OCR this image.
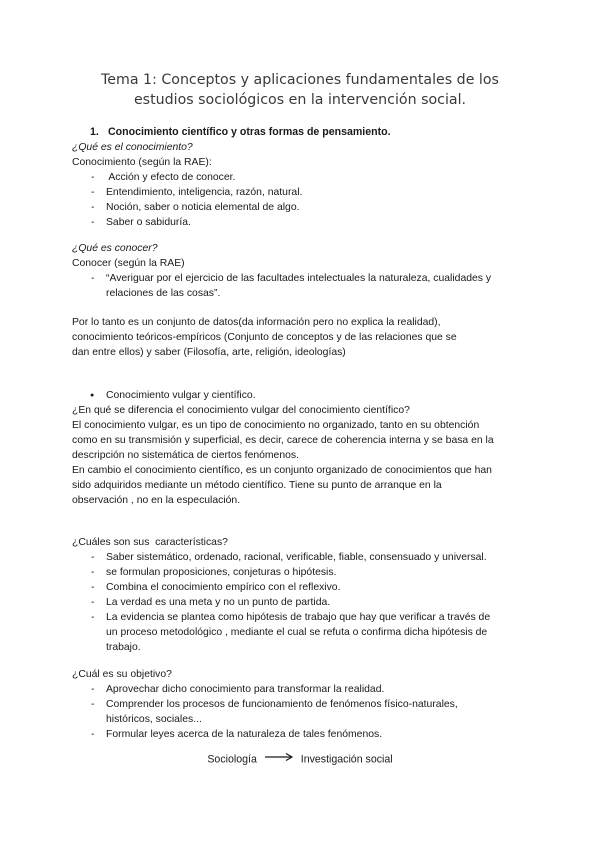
Tema 1: Conceptos y aplicaciones fundamentales de los
estudios sociológicos en la intervención social.
1. Conocimiento científico y otras formas de pensamiento.
¿Qué es el conocimiento?
Conocimiento (según la RAE):
-  Acción y efecto de conocer.
- Entendimiento, inteligencia, razón, natural.
- Noción, saber o noticia elemental de algo.
- Saber o sabiduría.
¿Qué es conocer?
Conocer (según la RAE)
- “Averiguar por el ejercicio de las facultades intelectuales la naturaleza, cualidades y
relaciones de las cosas”.
Por lo tanto es un conjunto de datos(da información pero no explica la realidad),
conocimiento teóricos-empíricos (Conjunto de conceptos y de las relaciones que se
dan entre ellos) y saber (Filosofía, arte, religión, ideologías)
● Conocimiento vulgar y científico.
¿En qué se diferencia el conocimiento vulgar del conocimiento científico?
El conocimiento vulgar, es un tipo de conocimiento no organizado, tanto en su obtención
como en su transmisión y superficial, es decir, carece de coherencia interna y se basa en la
descripción no sistemática de ciertos fenómenos.
En cambio el conocimiento científico, es un conjunto organizado de conocimientos que han
sido adquiridos mediante un método científico. Tiene su punto de arranque en la
observación , no en la especulación.
¿Cuáles son sus  características?
- Saber sistemático, ordenado, racional, verificable, fiable, consensuado y universal.
- se formulan proposiciones, conjeturas o hipótesis.
- Combina el conocimiento empírico con el reflexivo.
- La verdad es una meta y no un punto de partida.
- La evidencia se plantea como hipótesis de trabajo que hay que verificar a través de
un proceso metodológico , mediante el cual se refuta o confirma dicha hipótesis de
trabajo.
¿Cuál es su objetivo?
- Aprovechar dicho conocimiento para transformar la realidad.
- Comprender los procesos de funcionamiento de fenómenos físico-naturales,
históricos, sociales...
- Formular leyes acerca de la naturaleza de tales fenómenos.
Sociología	Investigación social
